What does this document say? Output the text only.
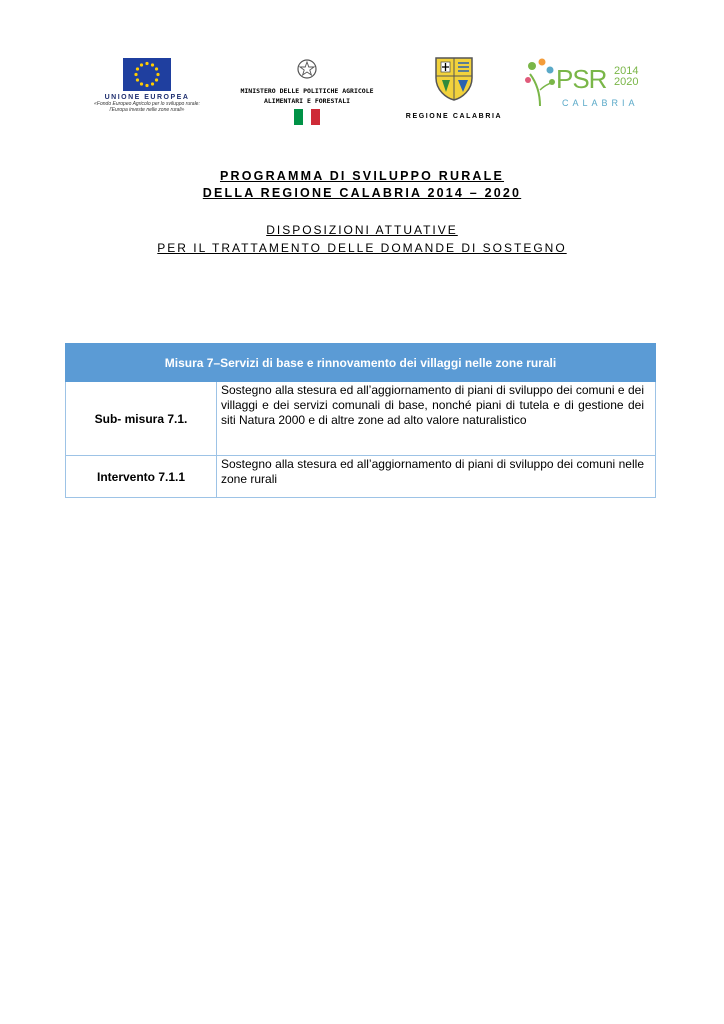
UNIONE EUROPEA
«Fondo Europeo Agricolo per lo sviluppo rurale:
l'Europa investe nelle zone rurali»
MINISTERO DELLE POLITICHE AGRICOLE
ALIMENTARI E FORESTALI
REGIONE CALABRIA
PSR 2014
2020
CALABRIA
PROGRAMMA DI SVILUPPO RURALE
DELLA REGIONE CALABRIA 2014 – 2020
DISPOSIZIONI ATTUATIVE
PER IL TRATTAMENTO DELLE DOMANDE DI SOSTEGNO
Misura 7–Servizi di base e rinnovamento dei villaggi nelle zone rurali	
Sub- misura 7.1.	Sostegno alla stesura ed all’aggiornamento di piani di sviluppo dei comuni e dei villaggi e dei servizi comunali di base, nonché piani di tutela e di gestione dei siti Natura 2000 e di altre zone ad alto valore naturalistico
Intervento 7.1.1	Sostegno alla stesura ed all’aggiornamento di piani di sviluppo dei comuni nelle zone rurali
